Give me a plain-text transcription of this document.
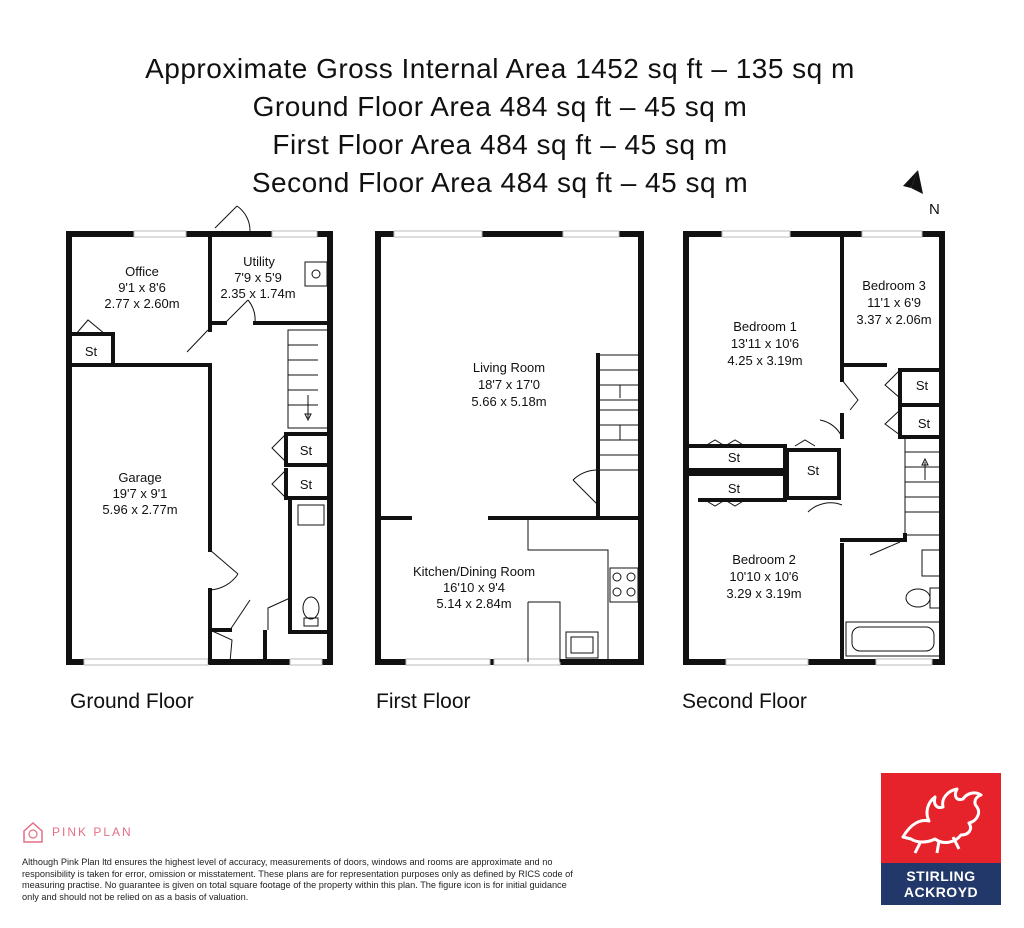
Approximate Gross Internal Area 1452 sq ft – 135 sq m
Ground Floor Area 484 sq ft – 45 sq m
First Floor Area 484 sq ft – 45 sq m
Second Floor Area 484 sq ft – 45 sq m
N
St
St
St
Office
9'1 x 8'6
2.77 x 2.60m
Utility
7'9 x 5'9
2.35 x 1.74m
Garage
19'7 x 9'1
5.96 x 2.77m
Living Room
18'7 x 17'0
5.66 x 5.18m
Kitchen/Dining Room
16'10 x 9'4
5.14 x 2.84m
St
St
St
St
St
Bedroom 1
13'11 x 10'6
4.25 x 3.19m
Bedroom 3
11'1 x 6'9
3.37 x 2.06m
Bedroom 2
10'10 x 10'6
3.29 x 3.19m
Ground Floor	First Floor	Second Floor
PINK PLAN
Although Pink Plan ltd ensures the highest level of accuracy, measurements of doors, windows and rooms are approximate and no responsibility is taken for error, omission or misstatement. These plans are for representation purposes only as defined by RICS code of measuring practise. No guarantee is given on total square footage of the property within this plan. The figure icon is for initial guidance only and should not be relied on as a basis of valuation.
STIRLING
ACKROYD
